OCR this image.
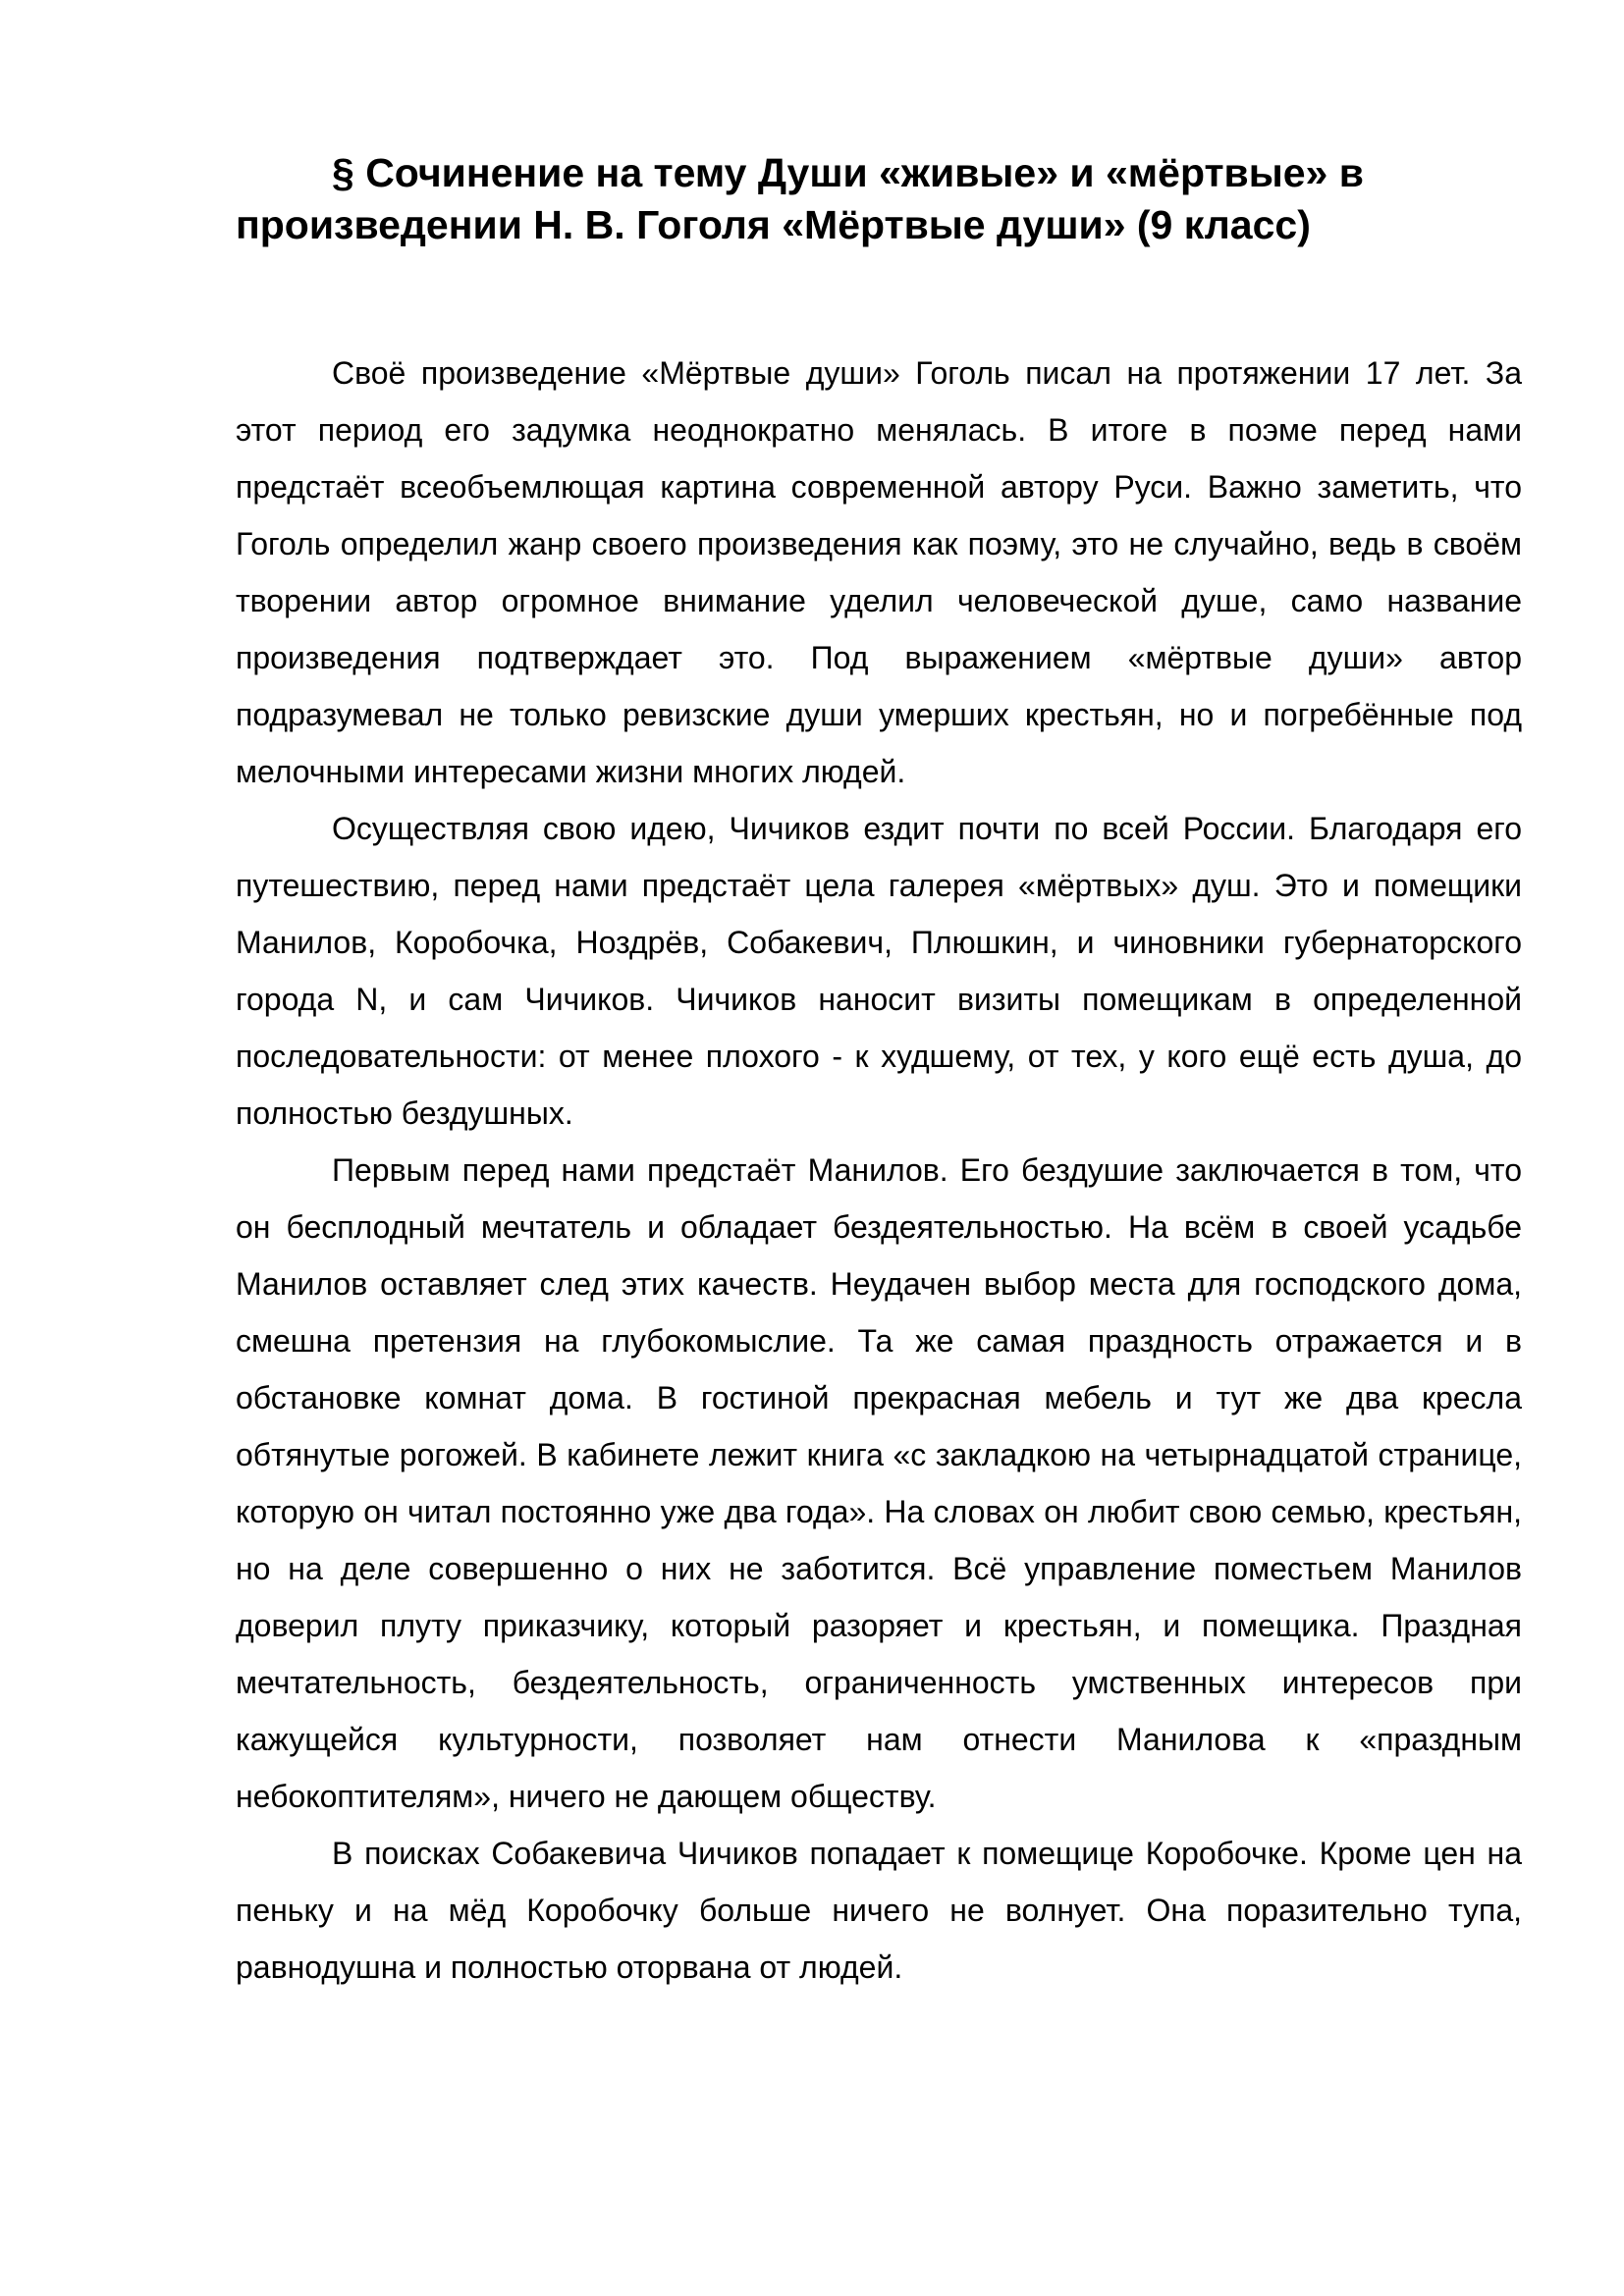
§ Сочинение на тему Души «живые» и «мёртвые» в произведении Н. В. Гоголя «Мёртвые души» (9 класс)

Своё произведение «Мёртвые души» Гоголь писал на протяжении 17 лет. За этот период его задумка неоднократно менялась. В итоге в поэме перед нами предстаёт всеобъемлющая картина современной автору Руси. Важно заметить, что Гоголь определил жанр своего произведения как поэму, это не случайно, ведь в своём творении автор огромное внимание уделил человеческой душе, само название произведения подтверждает это. Под выражением «мёртвые души» автор подразумевал не только ревизские души умерших крестьян, но и погребённые под мелочными интересами жизни многих людей.

Осуществляя свою идею, Чичиков ездит почти по всей России. Благодаря его путешествию, перед нами предстаёт цела галерея «мёртвых» душ. Это и помещики Манилов, Коробочка, Ноздрёв, Собакевич, Плюшкин, и чиновники губернаторского города N, и сам Чичиков. Чичиков наносит визиты помещикам в определенной последовательности: от менее плохого - к худшему, от тех, у кого ещё есть душа, до полностью бездушных.

Первым перед нами предстаёт Манилов. Его бездушие заключается в том, что он бесплодный мечтатель и обладает бездеятельностью. На всём в своей усадьбе Манилов оставляет след этих качеств. Неудачен выбор места для господского дома, смешна претензия на глубокомыслие. Та же самая праздность отражается и в обстановке комнат дома. В гостиной прекрасная мебель и тут же два кресла обтянутые рогожей. В кабинете лежит книга «с закладкою на четырнадцатой странице, которую он читал постоянно уже два года». На словах он любит свою семью, крестьян, но на деле совершенно о них не заботится. Всё управление поместьем Манилов доверил плуту приказчику, который разоряет и крестьян, и помещика. Праздная мечтательность, бездеятельность, ограниченность умственных интересов при кажущейся культурности, позволяет нам отнести Манилова к «праздным небокоптителям», ничего не дающем обществу.

В поисках Собакевича Чичиков попадает к помещице Коробочке. Кроме цен на пеньку и на мёд Коробочку больше ничего не волнует. Она поразительно тупа, равнодушна и полностью оторвана от людей.
